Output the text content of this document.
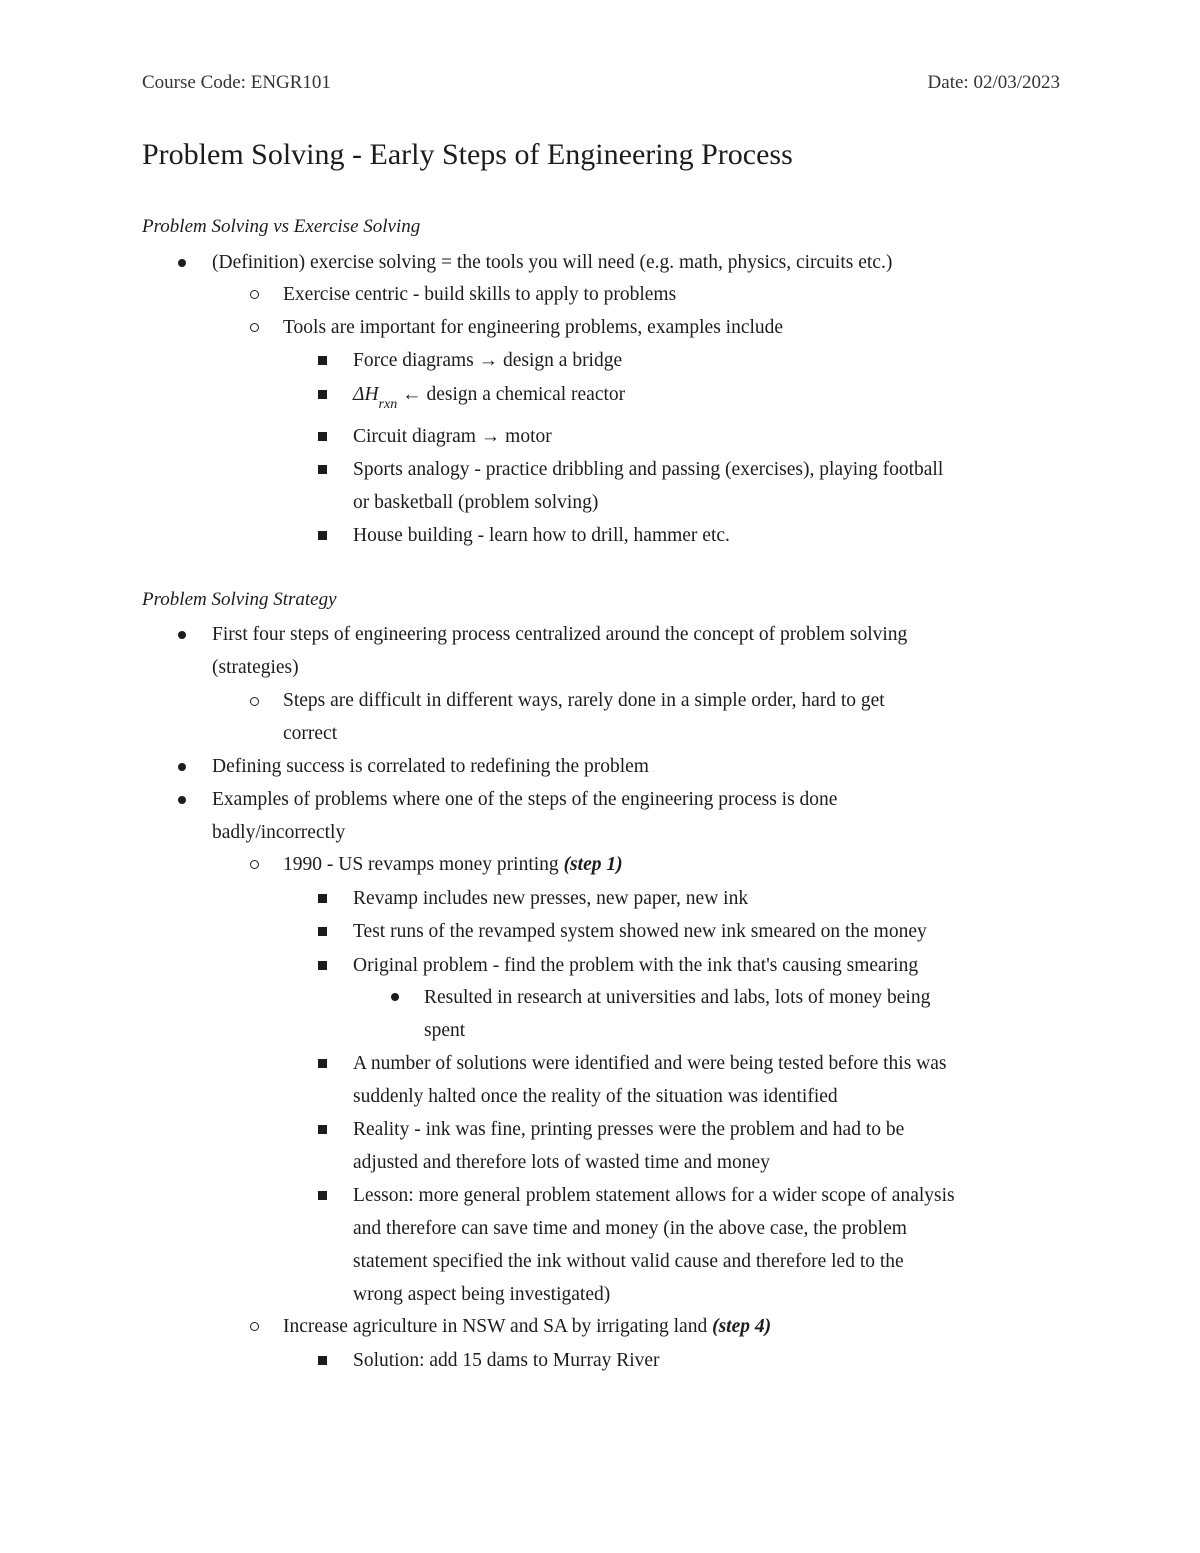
Course Code: ENGR101	Date: 02/03/2023
Problem Solving - Early Steps of Engineering Process
Problem Solving vs Exercise Solving
(Definition) exercise solving = the tools you will need (e.g. math, physics, circuits etc.)
Exercise centric - build skills to apply to problems
Tools are important for engineering problems, examples include
Force diagrams → design a bridge
$\Delta H_{rxn}$ ← design a chemical reactor
Circuit diagram → motor
Sports analogy - practice dribbling and passing (exercises), playing football
or basketball (problem solving)
House building - learn how to drill, hammer etc.
Problem Solving Strategy
First four steps of engineering process centralized around the concept of problem solving
(strategies)
Steps are difficult in different ways, rarely done in a simple order, hard to get
correct
Defining success is correlated to redefining the problem
Examples of problems where one of the steps of the engineering process is done
badly/incorrectly
1990 - US revamps money printing (step 1)
Revamp includes new presses, new paper, new ink
Test runs of the revamped system showed new ink smeared on the money
Original problem - find the problem with the ink that's causing smearing
Resulted in research at universities and labs, lots of money being
spent
A number of solutions were identified and were being tested before this was
suddenly halted once the reality of the situation was identified
Reality - ink was fine, printing presses were the problem and had to be
adjusted and therefore lots of wasted time and money
Lesson: more general problem statement allows for a wider scope of analysis
and therefore can save time and money (in the above case, the problem
statement specified the ink without valid cause and therefore led to the
wrong aspect being investigated)
Increase agriculture in NSW and SA by irrigating land (step 4)
Solution: add 15 dams to Murray River
